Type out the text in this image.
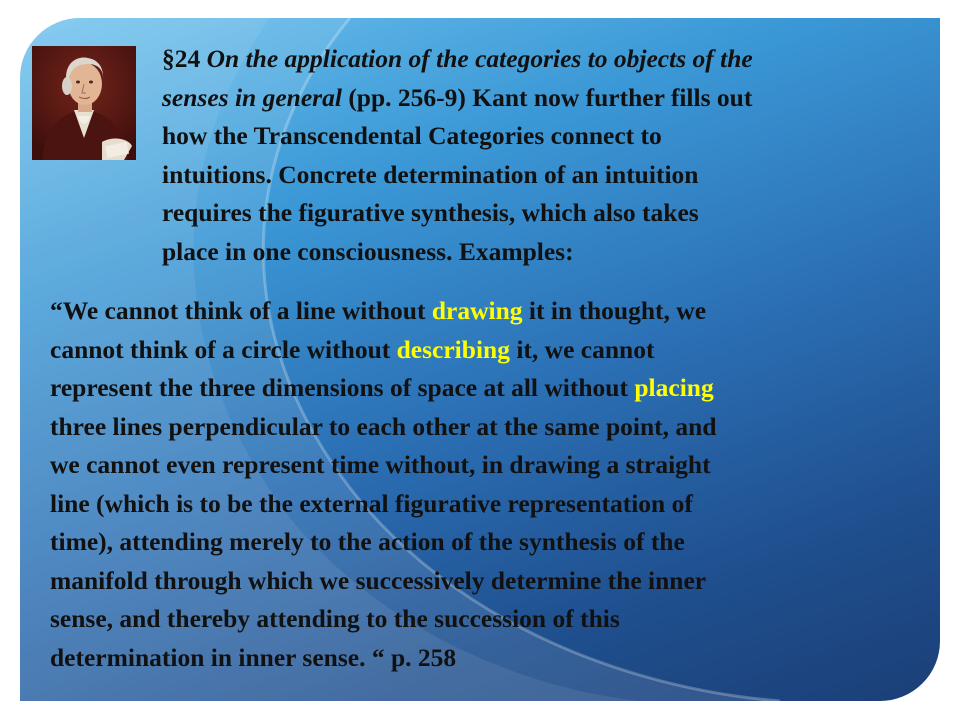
§24 On the application of the categories to objects of the
senses in general (pp. 256-9) Kant now further fills out
how the Transcendental Categories connect to
intuitions. Concrete determination of an intuition
requires the figurative synthesis, which also takes
place in one consciousness. Examples:
“We cannot think of a line without drawing it in thought, we
cannot think of a circle without describing it, we cannot
represent the three dimensions of space at all without placing
three lines perpendicular to each other at the same point, and
we cannot even represent time without, in drawing a straight
line (which is to be the external figurative representation of
time), attending merely to the action of the synthesis of the
manifold through which we successively determine the inner
sense, and thereby attending to the succession of this
determination in inner sense. “ p. 258
